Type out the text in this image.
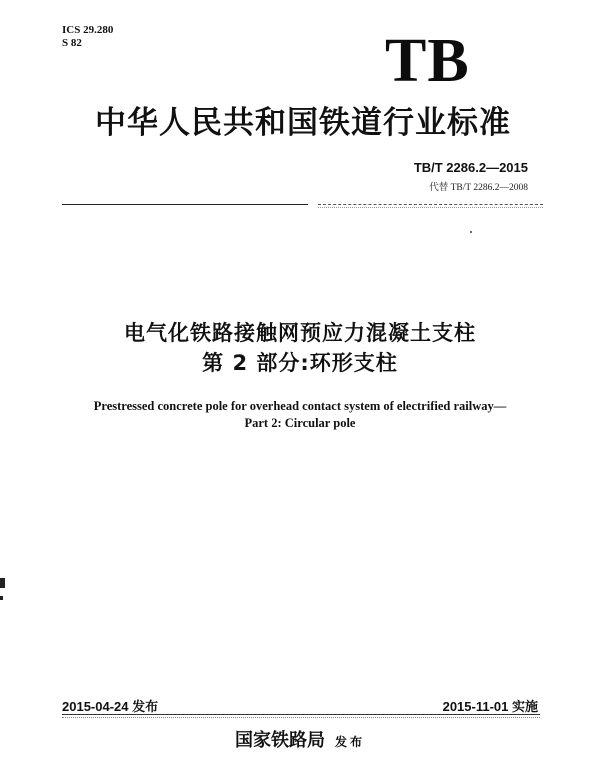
ICS 29.280
S 82	TB
中华人民共和国铁道行业标准
TB/T 2286.2—2015
代替 TB/T 2286.2—2008
电气化铁路接触网预应力混凝土支柱
第 2 部分:环形支柱
Prestressed concrete pole for overhead contact system of electrified railway—
Part 2: Circular pole
2015-04-24 发布	2015-11-01 实施
国家铁路局 发布
